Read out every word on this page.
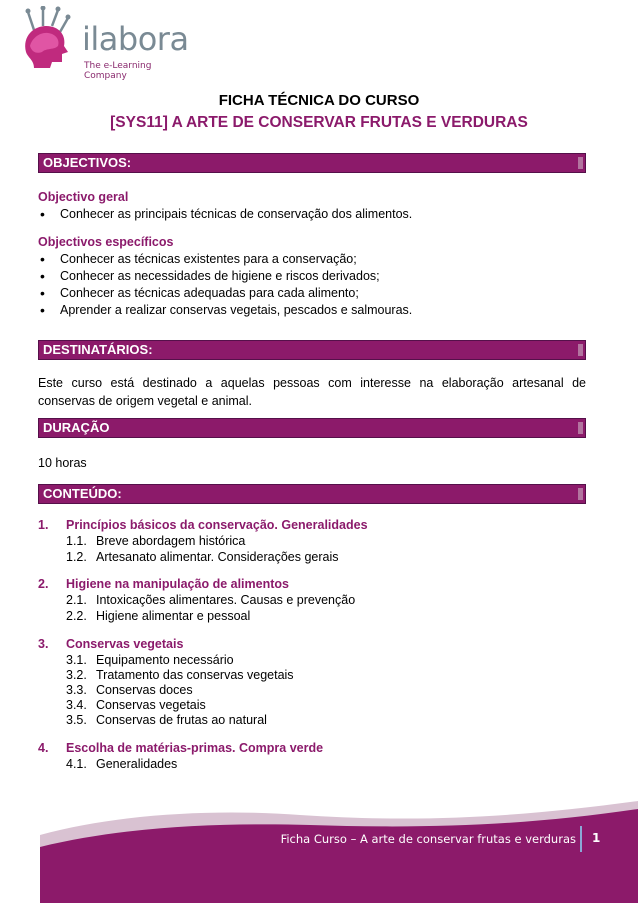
ilabora
The e-Learning Company
FICHA TÉCNICA DO CURSO
[SYS11] A ARTE DE CONSERVAR FRUTAS E VERDURAS
OBJECTIVOS:
Objectivo geral
• Conhecer as principais técnicas de conservação dos alimentos.
Objectivos específicos
• Conhecer as técnicas existentes para a conservação;
• Conhecer as necessidades de higiene e riscos derivados;
• Conhecer as técnicas adequadas para cada alimento;
• Aprender a realizar conservas vegetais, pescados e salmouras.
DESTINATÁRIOS:
Este curso está destinado a aquelas pessoas com interesse na elaboração artesanal de conservas de origem vegetal e animal.
DURAÇÃO
10 horas
CONTEÚDO:
1. Princípios básicos da conservação. Generalidades
1.1. Breve abordagem histórica
1.2. Artesanato alimentar. Considerações gerais
2. Higiene na manipulação de alimentos
2.1. Intoxicações alimentares. Causas e prevenção
2.2. Higiene alimentar e pessoal
3. Conservas vegetais
3.1. Equipamento necessário
3.2. Tratamento das conservas vegetais
3.3. Conservas doces
3.4. Conservas vegetais
3.5. Conservas de frutas ao natural
4. Escolha de matérias-primas. Compra verde
4.1. Generalidades
Ficha Curso – A arte de conservar frutas e verduras 1
